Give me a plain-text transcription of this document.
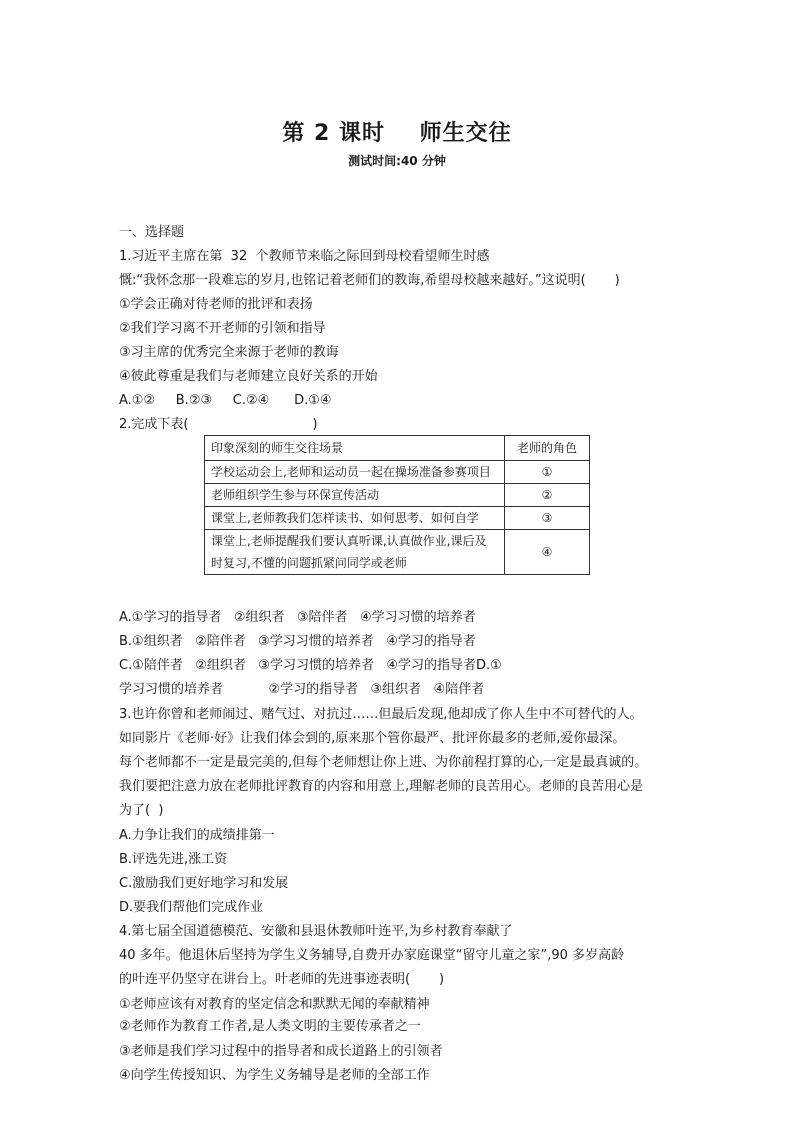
第 2 课时    师生交往
测试时间:40 分钟
一、选择题
1.习近平主席在第  32  个教师节来临之际回到母校看望师生时感
慨:“我怀念那一段难忘的岁月,也铭记着老师们的教诲,希望母校越来越好。”这说明(       )
①学会正确对待老师的批评和表扬
②我们学习离不开老师的引领和指导
③习主席的优秀完全来源于老师的教诲
④彼此尊重是我们与老师建立良好关系的开始
A.①②     B.②③     C.②④      D.①④
2.完成下表(                              )
印象深刻的师生交往场景	老师的角色
学校运动会上,老师和运动员一起在操场准备参赛项目	①
老师组织学生参与环保宣传活动	②
课堂上,老师教我们怎样读书、如何思考、如何自学	③

课堂上,老师提醒我们要认真听课,认真做作业,课后及
时复习,不懂的问题抓紧问同学或老师	④
A.①学习的指导者   ②组织者   ③陪伴者   ④学习习惯的培养者
B.①组织者   ②陪伴者   ③学习习惯的培养者   ④学习的指导者
C.①陪伴者   ②组织者   ③学习习惯的培养者   ④学习的指导者D.①
学习习惯的培养者           ②学习的指导者   ③组织者   ④陪伴者
3.也许你曾和老师闹过、赌气过、对抗过……但最后发现,他却成了你人生中不可替代的人。
如同影片《老师·好》让我们体会到的,原来那个管你最严、批评你最多的老师,爱你最深。
每个老师都不一定是最完美的,但每个老师想让你上进、为你前程打算的心,一定是最真诚的。
我们要把注意力放在老师批评教育的内容和用意上,理解老师的良苦用心。老师的良苦用心是
为了(  )
A.力争让我们的成绩排第一
B.评选先进,涨工资
C.激励我们更好地学习和发展
D.要我们帮他们完成作业
4.第七届全国道德模范、安徽和县退休教师叶连平,为乡村教育奉献了
40 多年。他退休后坚持为学生义务辅导,自费开办家庭课堂“留守儿童之家”,90 多岁高龄
的叶连平仍坚守在讲台上。叶老师的先进事迹表明(       )
①老师应该有对教育的坚定信念和默默无闻的奉献精神
②老师作为教育工作者,是人类文明的主要传承者之一
③老师是我们学习过程中的指导者和成长道路上的引领者
④向学生传授知识、为学生义务辅导是老师的全部工作
